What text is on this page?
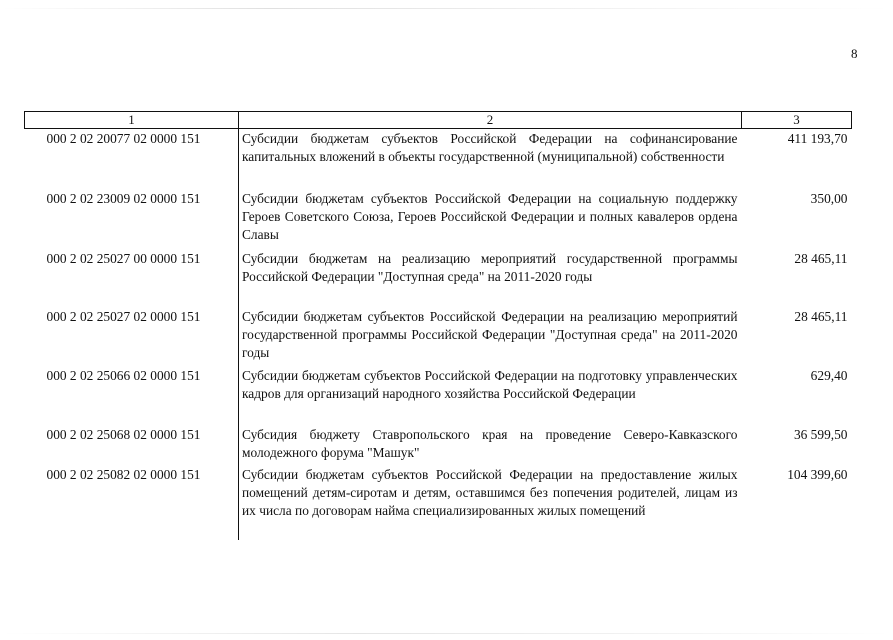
8
1	2	3
000 2 02 20077 02 0000 151	Субсидии бюджетам субъектов Российской Федерации на софинансирование капитальных вложений в объекты государственной (муниципальной) собственности	411 193,70
000 2 02 23009 02 0000 151	Субсидии бюджетам субъектов Российской Федерации на социальную поддержку Героев Советского Союза, Героев Российской Федерации и полных кавалеров ордена Славы	350,00
000 2 02 25027 00 0000 151	Субсидии бюджетам на реализацию мероприятий государственной программы Российской Федерации "Доступная среда" на 2011-2020 годы	28 465,11
000 2 02 25027 02 0000 151	Субсидии бюджетам субъектов Российской Федерации на реализацию мероприятий государственной программы Российской Федерации "Доступная среда" на 2011-2020 годы	28 465,11
000 2 02 25066 02 0000 151	Субсидии бюджетам субъектов Российской Федерации на подготовку управленческих кадров для организаций народного хозяйства Российской Федерации	629,40
000 2 02 25068 02 0000 151	Субсидия бюджету Ставропольского края на проведение Северо-Кавказского молодежного форума "Машук"	36 599,50
000 2 02 25082 02 0000 151	Субсидии бюджетам субъектов Российской Федерации на предоставление жилых помещений детям-сиротам и детям, оставшимся без попечения родителей, лицам из их числа по договорам найма специализированных жилых помещений	104 399,60
